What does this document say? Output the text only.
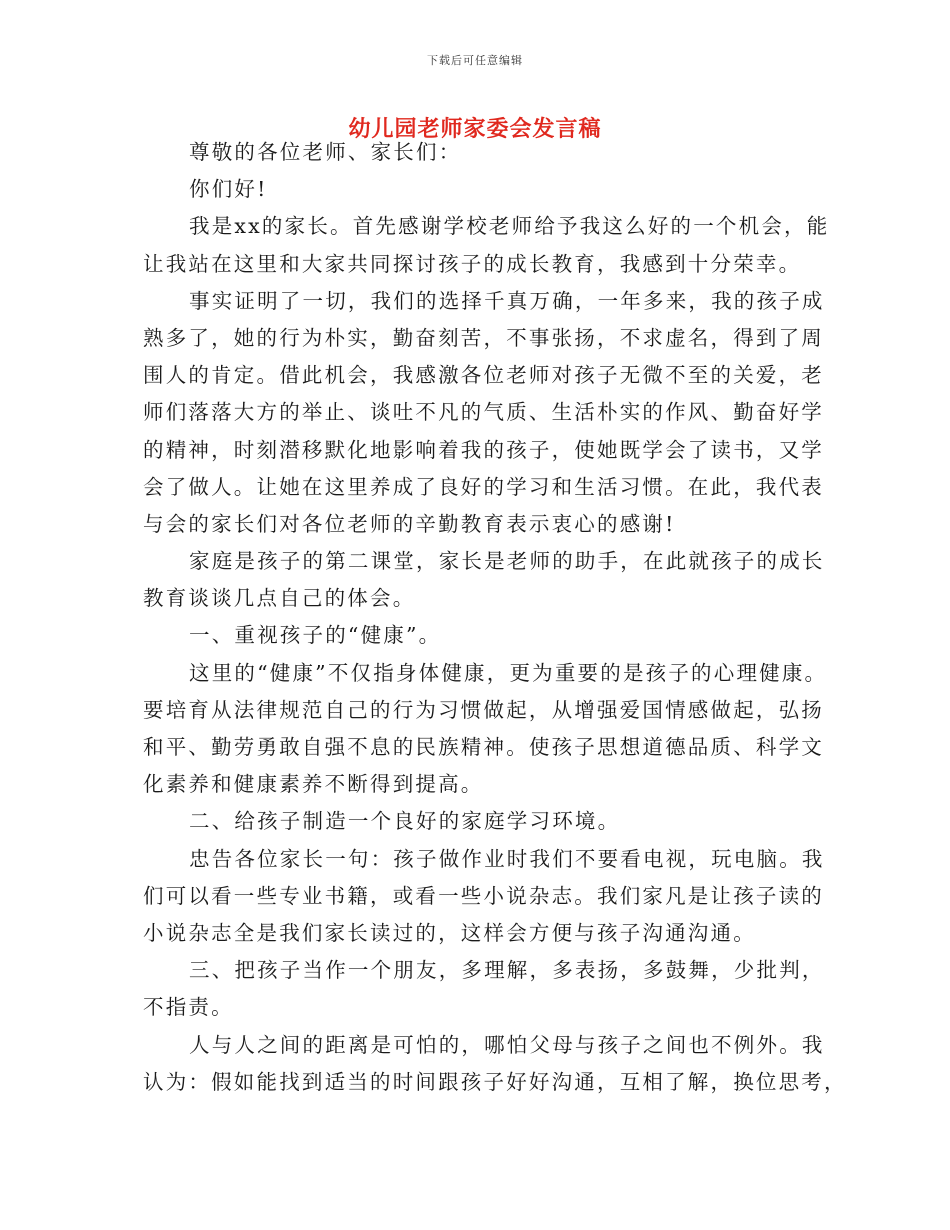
下载后可任意编辑
幼儿园老师家委会发言稿
尊敬的各位老师、家长们：
你们好!
我是xx的家长。首先感谢学校老师给予我这么好的一个机会，能
让我站在这里和大家共同探讨孩子的成长教育，我感到十分荣幸。
事实证明了一切，我们的选择千真万确，一年多来，我的孩子成
熟多了，她的行为朴实，勤奋刻苦，不事张扬，不求虚名，得到了周
围人的肯定。借此机会，我感激各位老师对孩子无微不至的关爱，老
师们落落大方的举止、谈吐不凡的气质、生活朴实的作风、勤奋好学
的精神，时刻潜移默化地影响着我的孩子，使她既学会了读书，又学
会了做人。让她在这里养成了良好的学习和生活习惯。在此，我代表
与会的家长们对各位老师的辛勤教育表示衷心的感谢!
家庭是孩子的第二课堂，家长是老师的助手，在此就孩子的成长
教育谈谈几点自己的体会。
一、重视孩子的“健康”。
这里的“健康”不仅指身体健康，更为重要的是孩子的心理健康。
要培育从法律规范自己的行为习惯做起，从增强爱国情感做起，弘扬
和平、勤劳勇敢自强不息的民族精神。使孩子思想道德品质、科学文
化素养和健康素养不断得到提高。
二、给孩子制造一个良好的家庭学习环境。
忠告各位家长一句：孩子做作业时我们不要看电视，玩电脑。我
们可以看一些专业书籍，或看一些小说杂志。我们家凡是让孩子读的
小说杂志全是我们家长读过的，这样会方便与孩子沟通沟通。
三、把孩子当作一个朋友，多理解，多表扬，多鼓舞，少批判，
不指责。
人与人之间的距离是可怕的，哪怕父母与孩子之间也不例外。我
认为：假如能找到适当的时间跟孩子好好沟通，互相了解，换位思考，
